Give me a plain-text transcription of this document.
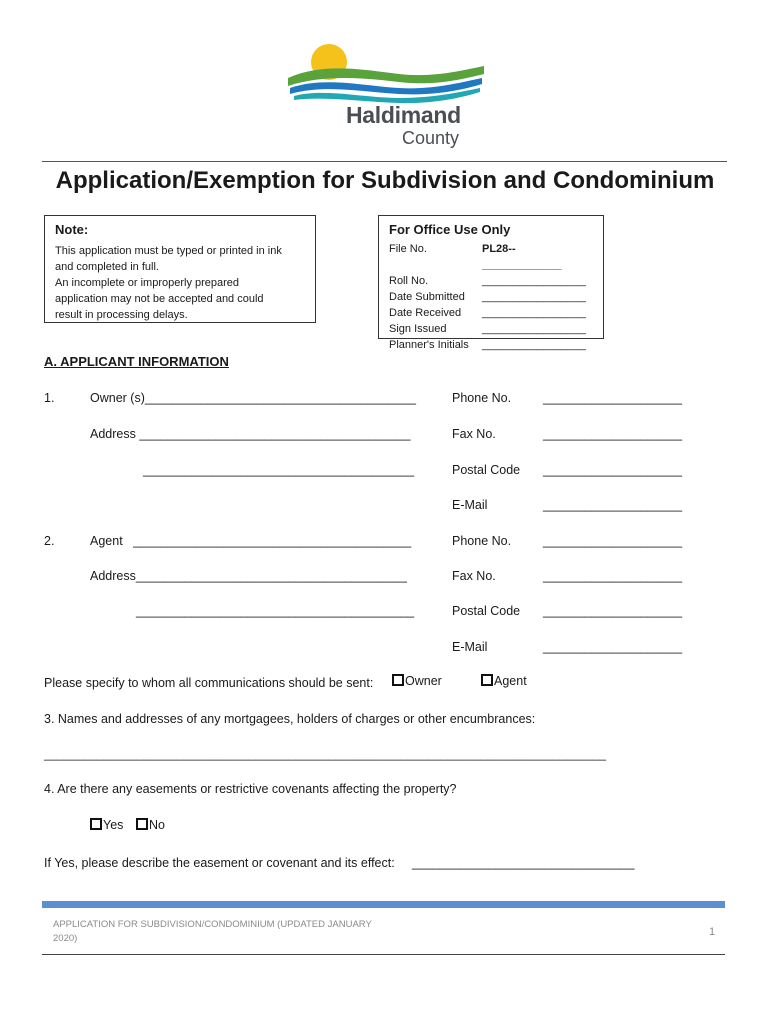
Haldimand
County
Application/Exemption for Subdivision and Condominium
Note:
This application must be typed or printed in ink
and completed in full.
An incomplete or improperly prepared
application may not be accepted and could
result in processing delays.
For Office Use Only
File No.	PL28--_____________
Roll No.	_________________
Date Submitted	_________________
Date Received	_________________
Sign Issued	_________________
Planner's Initials	_________________
A. APPLICANT INFORMATION
1.	Owner (s)_______________________________________
Address _______________________________________
_______________________________________
Phone No.	____________________
Fax No.	____________________
Postal Code ____________________
E-Mail	____________________
2.	Agent   ________________________________________
Address_______________________________________
________________________________________
Phone No.	____________________
Fax No.	____________________
Postal Code ____________________
E-Mail	____________________
Please specify to whom all communications should be sent:	Owner	Agent
3. Names and addresses of any mortgagees, holders of charges or other encumbrances:
_____________________________________________________________________________________
4. Are there any easements or restrictive covenants affecting the property?
Yes	No
If Yes, please describe the easement or covenant and its effect: ________________________________
APPLICATION FOR SUBDIVISION/CONDOMINIUM (UPDATED JANUARY 2020)
1
